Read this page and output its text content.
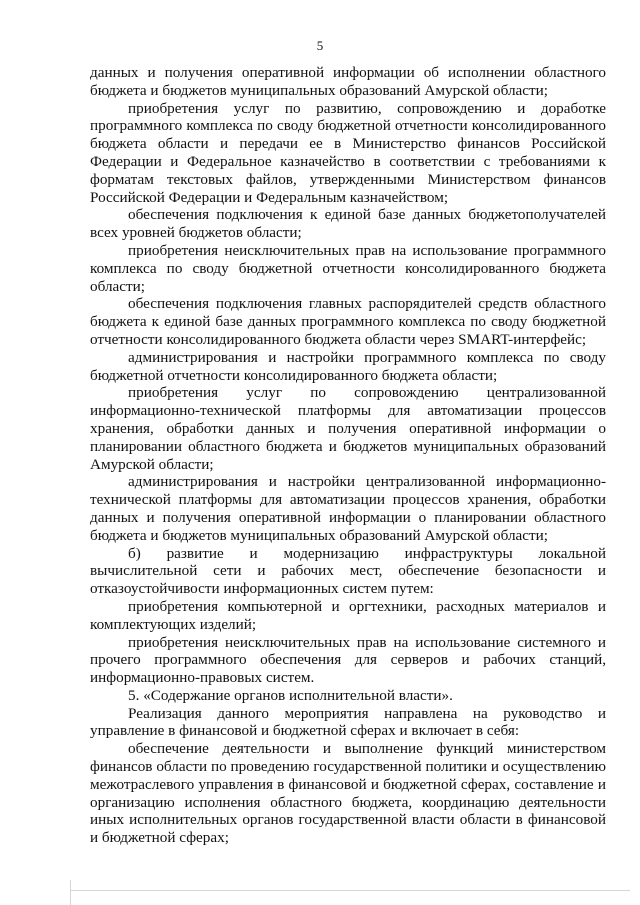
5

данных и получения оперативной информации об исполнении областного бюджета и бюджетов муниципальных образований Амурской области;

приобретения услуг по развитию, сопровождению и доработке программного комплекса по своду бюджетной отчетности консолидированного бюджета области и передачи ее в Министерство финансов Российской Федерации и Федеральное казначейство в соответствии с требованиями к форматам текстовых файлов, утвержденными Министерством финансов Российской Федерации и Федеральным казначейством;

обеспечения подключения к единой базе данных бюджетополучателей всех уровней бюджетов области;

приобретения неисключительных прав на использование программного комплекса по своду бюджетной отчетности консолидированного бюджета области;

обеспечения подключения главных распорядителей средств областного бюджета к единой базе данных программного комплекса по своду бюджетной отчетности консолидированного бюджета области через SMART-интерфейс;

администрирования и настройки программного комплекса по своду бюджетной отчетности консолидированного бюджета области;

приобретения услуг по сопровождению централизованной информационно-технической платформы для автоматизации процессов хранения, обработки данных и получения оперативной информации о планировании областного бюджета и бюджетов муниципальных образований Амурской области;

администрирования и настройки централизованной информационно-технической платформы для автоматизации процессов хранения, обработки данных и получения оперативной информации о планировании областного бюджета и бюджетов муниципальных образований Амурской области;

б) развитие и модернизацию инфраструктуры локальной вычислительной сети и рабочих мест, обеспечение безопасности и отказоустойчивости информационных систем путем:

приобретения компьютерной и оргтехники, расходных материалов и комплектующих изделий;

приобретения неисключительных прав на использование системного и прочего программного обеспечения для серверов и рабочих станций, информационно-правовых систем.

5. «Содержание органов исполнительной власти».

Реализация данного мероприятия направлена на руководство и управление в финансовой и бюджетной сферах и включает в себя:

обеспечение деятельности и выполнение функций министерством финансов области по проведению государственной политики и осуществлению межотраслевого управления в финансовой и бюджетной сферах, составление и организацию исполнения областного бюджета, координацию деятельности иных исполнительных органов государственной власти области в финансовой и бюджетной сферах;
